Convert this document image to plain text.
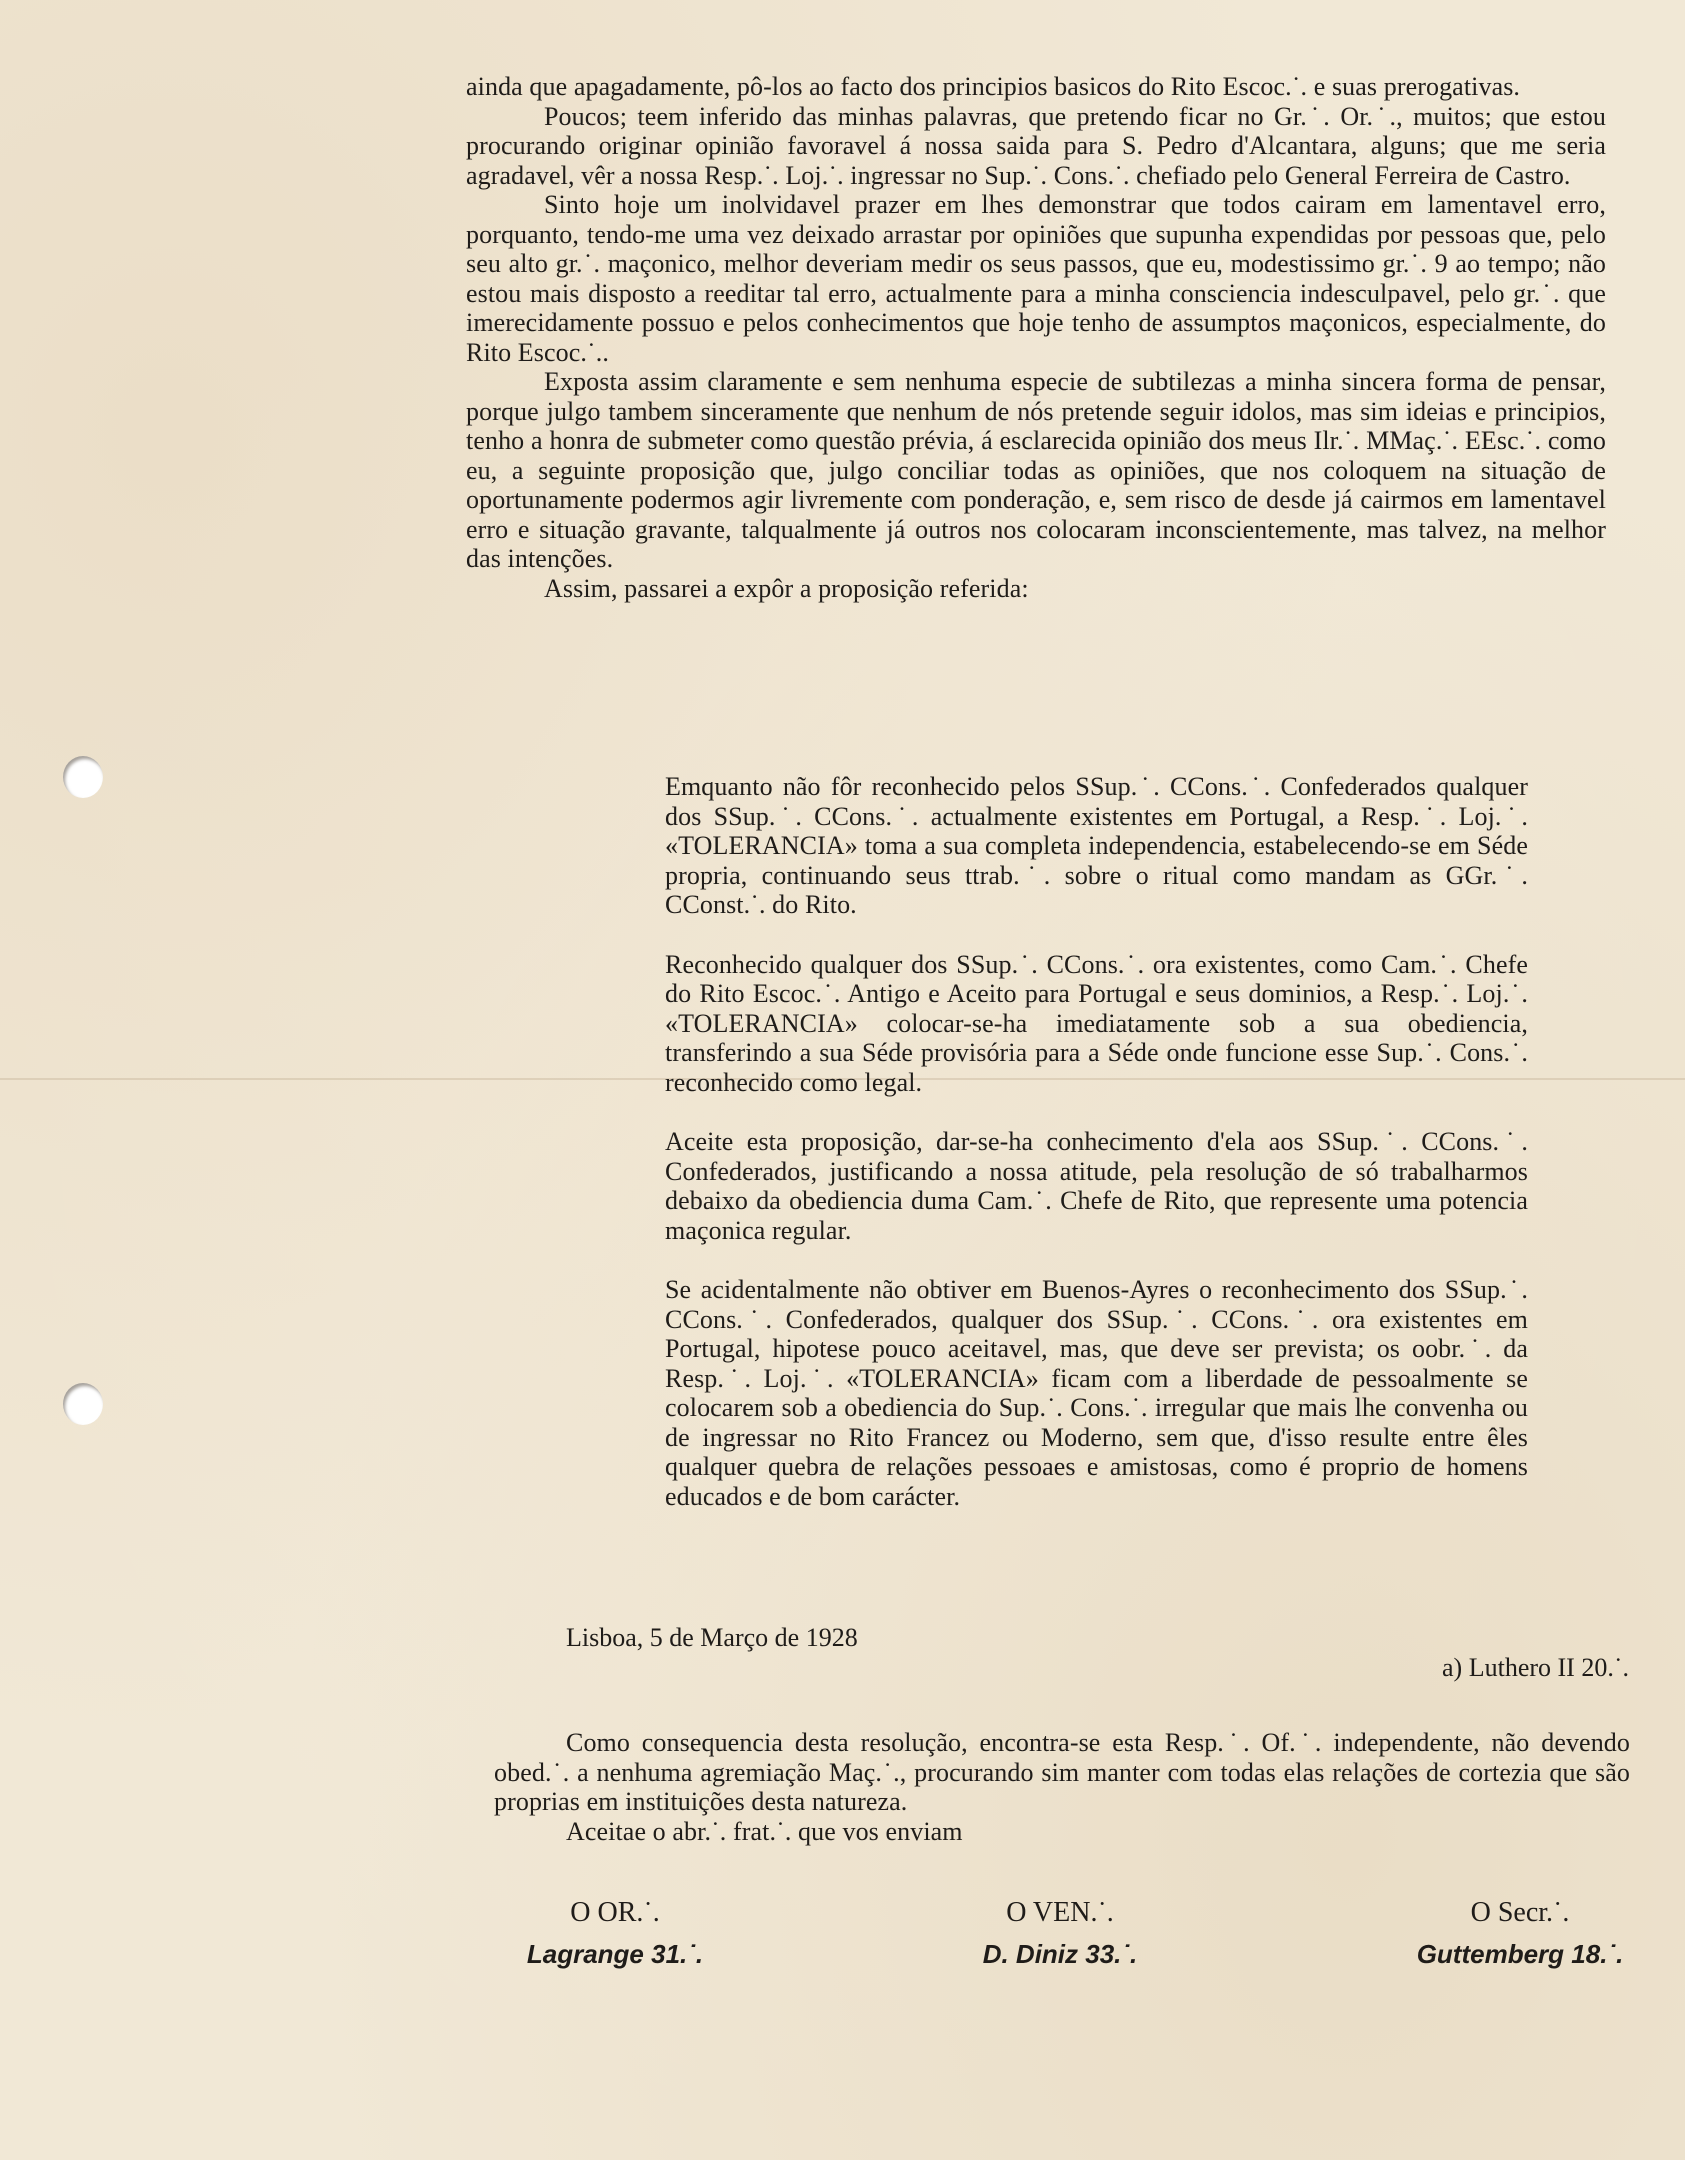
ainda que apagadamente, pô-los ao facto dos principios basicos do Rito Escoc.˙. e suas prerogativas.

Poucos; teem inferido das minhas palavras, que pretendo ficar no Gr.˙. Or.˙., muitos; que estou procurando originar opinião favoravel á nossa saida para S. Pedro d'Alcantara, alguns; que me seria agradavel, vêr a nossa Resp.˙. Loj.˙. ingressar no Sup.˙. Cons.˙. chefiado pelo General Ferreira de Castro.

Sinto hoje um inolvidavel prazer em lhes demonstrar que todos cairam em lamentavel erro, porquanto, tendo-me uma vez deixado arrastar por opiniões que supunha expendidas por pessoas que, pelo seu alto gr.˙. maçonico, melhor deveriam medir os seus passos, que eu, modestissimo gr.˙. 9 ao tempo; não estou mais disposto a reeditar tal erro, actualmente para a minha consciencia indesculpavel, pelo gr.˙. que imerecidamente possuo e pelos conhecimentos que hoje tenho de assumptos maçonicos, especialmente, do Rito Escoc.˙..

Exposta assim claramente e sem nenhuma especie de subtilezas a minha sincera forma de pensar, porque julgo tambem sinceramente que nenhum de nós pretende seguir idolos, mas sim ideias e principios, tenho a honra de submeter como questão prévia, á esclarecida opinião dos meus Ilr.˙. MMaç.˙. EEsc.˙. como eu, a seguinte proposição que, julgo conciliar todas as opiniões, que nos coloquem na situação de oportunamente podermos agir livremente com ponderação, e, sem risco de desde já cairmos em lamentavel erro e situação gravante, talqualmente já outros nos colocaram inconscientemente, mas talvez, na melhor das intenções.

Assim, passarei a expôr a proposição referida:

Emquanto não fôr reconhecido pelos SSup.˙. CCons.˙. Confederados qualquer dos SSup.˙. CCons.˙. actualmente existentes em Portugal, a Resp.˙. Loj.˙. «TOLERANCIA» toma a sua completa independencia, estabelecendo-se em Séde propria, continuando seus ttrab.˙. sobre o ritual como mandam as GGr.˙. CConst.˙. do Rito.

Reconhecido qualquer dos SSup.˙. CCons.˙. ora existentes, como Cam.˙. Chefe do Rito Escoc.˙. Antigo e Aceito para Portugal e seus dominios, a Resp.˙. Loj.˙. «TOLERANCIA» colocar-se-ha imediatamente sob a sua obediencia, transferindo a sua Séde provisória para a Séde onde funcione esse Sup.˙. Cons.˙. reconhecido como legal.

Aceite esta proposição, dar-se-ha conhecimento d'ela aos SSup.˙. CCons.˙. Confederados, justificando a nossa atitude, pela resolução de só trabalharmos debaixo da obediencia duma Cam.˙. Chefe de Rito, que represente uma potencia maçonica regular.

Se acidentalmente não obtiver em Buenos-Ayres o reconhecimento dos SSup.˙. CCons.˙. Confederados, qualquer dos SSup.˙. CCons.˙. ora existentes em Portugal, hipotese pouco aceitavel, mas, que deve ser prevista; os oobr.˙. da Resp.˙. Loj.˙. «TOLERANCIA» ficam com a liberdade de pessoalmente se colocarem sob a obediencia do Sup.˙. Cons.˙. irregular que mais lhe convenha ou de ingressar no Rito Francez ou Moderno, sem que, d'isso resulte entre êles qualquer quebra de relações pessoaes e amistosas, como é proprio de homens educados e de bom carácter.

Lisboa, 5 de Março de 1928
a) Luthero II 20.˙.

Como consequencia desta resolução, encontra-se esta Resp.˙. Of.˙. independente, não devendo obed.˙. a nenhuma agremiação Maç.˙., procurando sim manter com todas elas relações de cortezia que são proprias em instituições desta natureza.

Aceitae o abr.˙. frat.˙. que vos enviam

O OR.˙.
Lagrange 31.˙.
O VEN.˙.
D. Diniz 33.˙.
O Secr.˙.
Guttemberg 18.˙.
